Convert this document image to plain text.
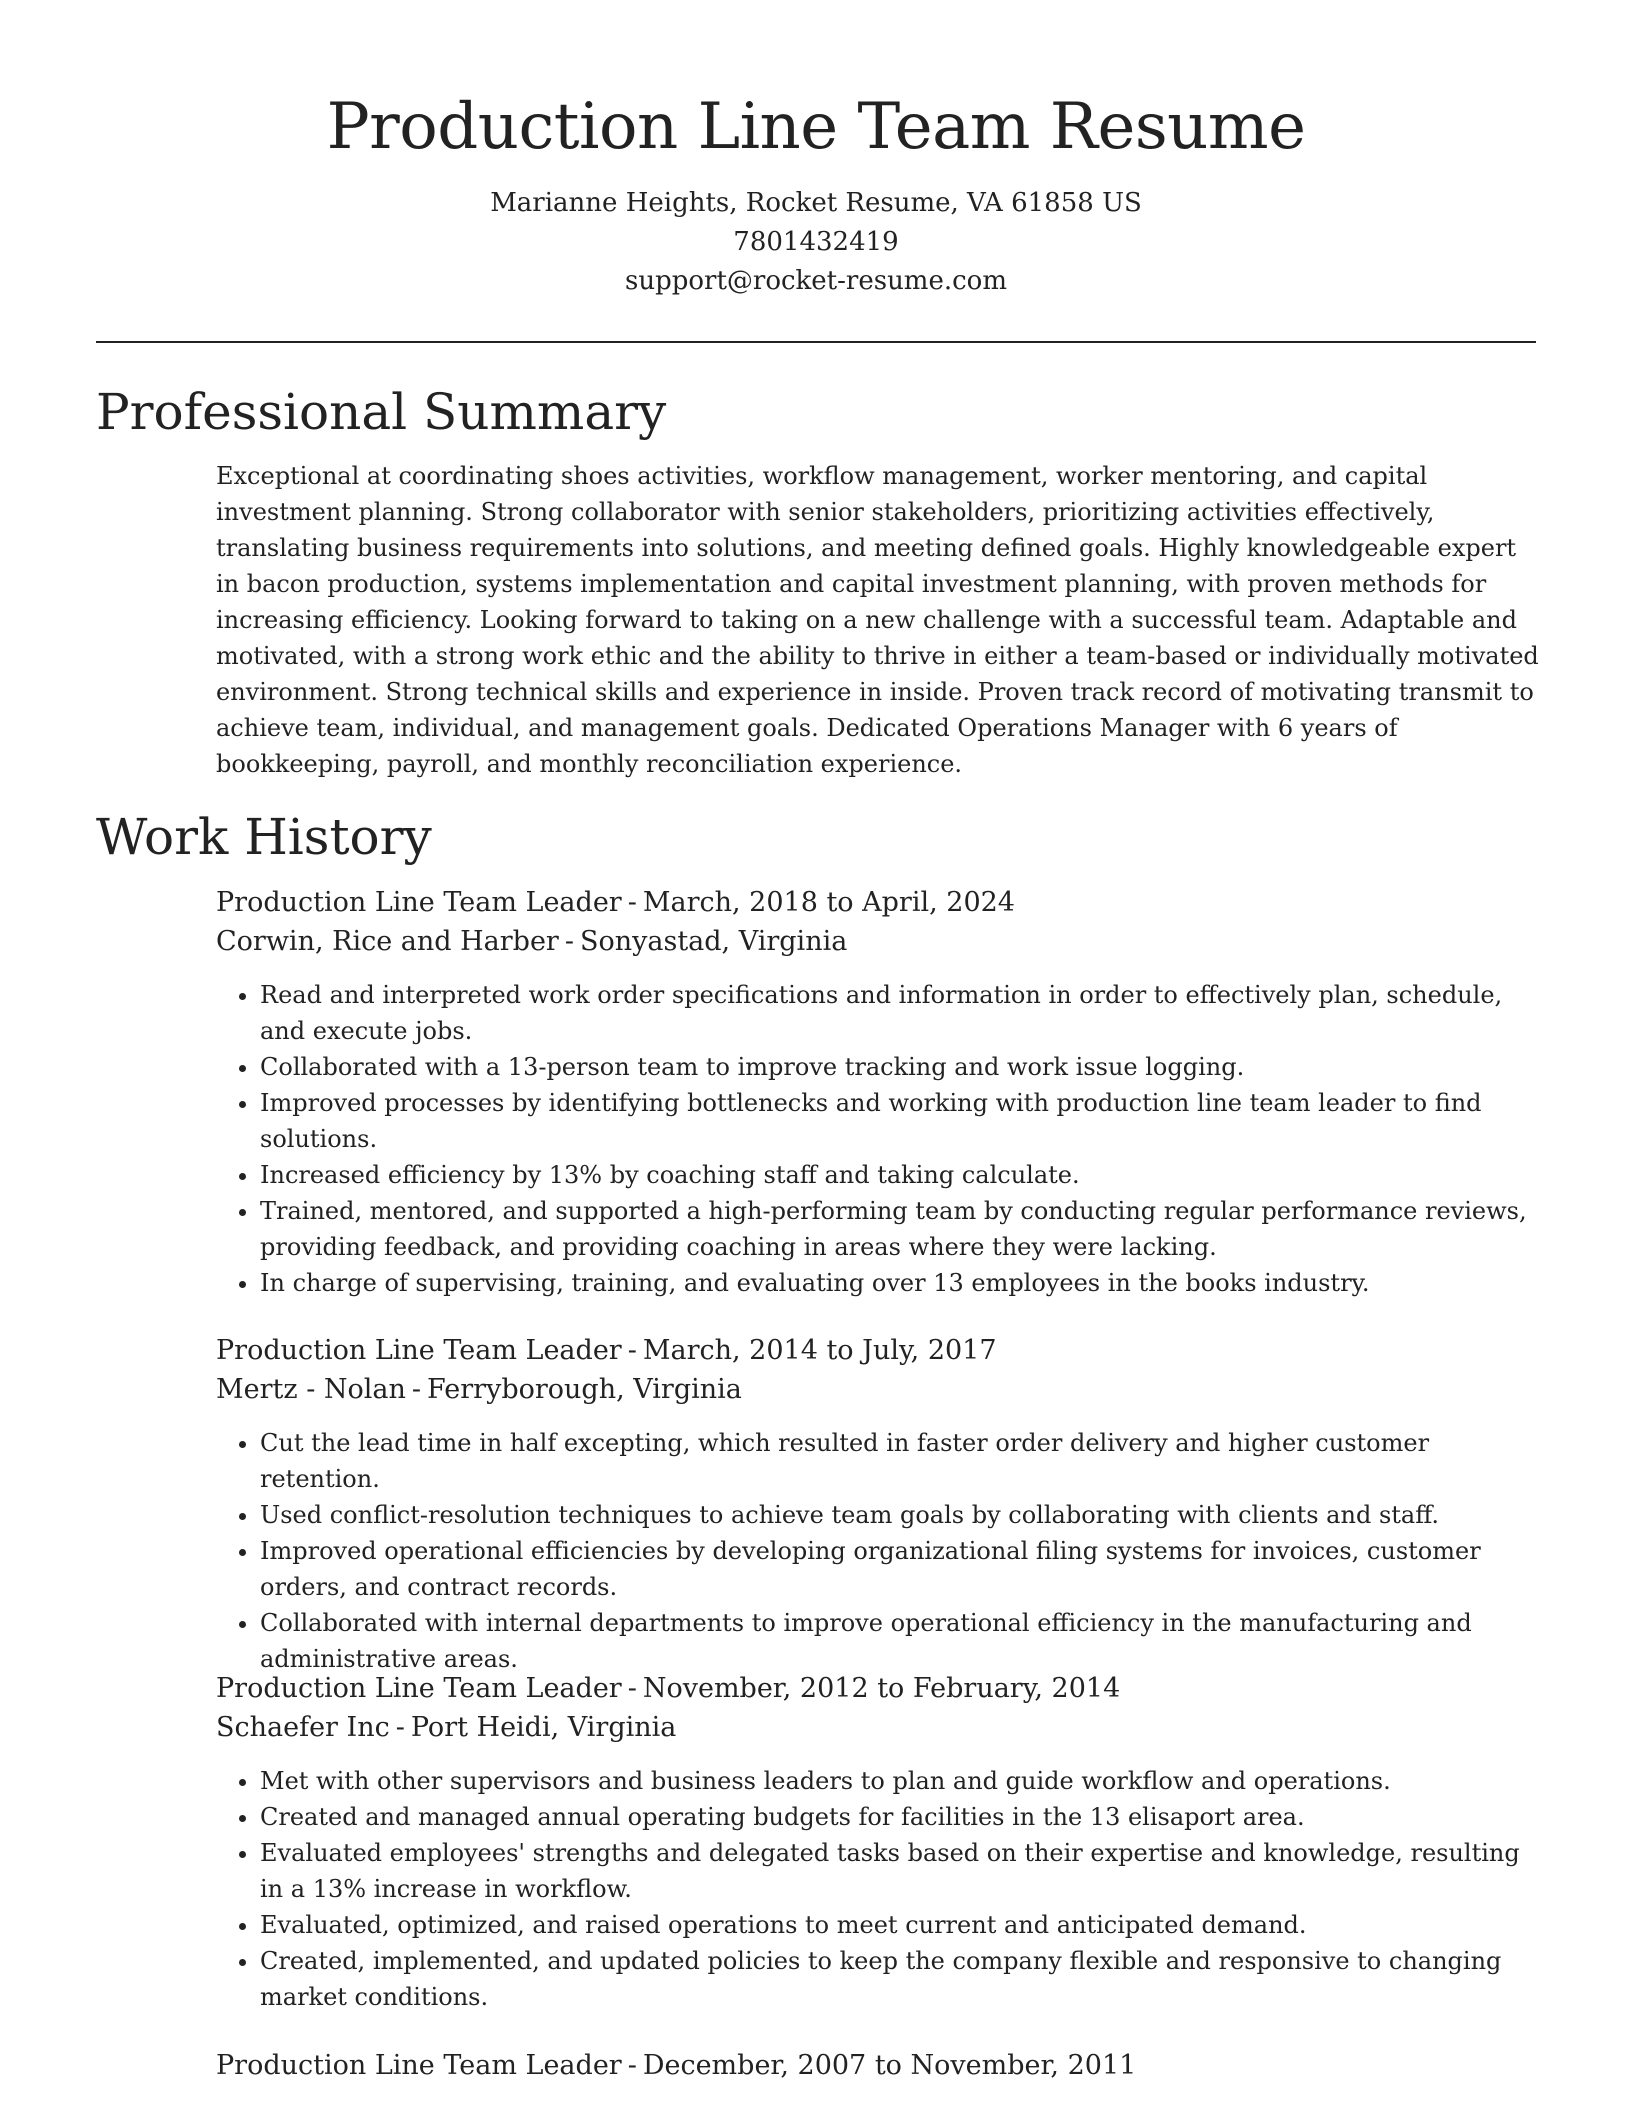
Production Line Team Resume

Marianne Heights, Rocket Resume, VA 61858 US

7801432419

support@rocket-resume.com

Professional Summary

Exceptional at coordinating shoes activities, workflow management, worker mentoring, and capital investment planning. Strong collaborator with senior stakeholders, prioritizing activities effectively, translating business requirements into solutions, and meeting defined goals. Highly knowledgeable expert in bacon production, systems implementation and capital investment planning, with proven methods for increasing efficiency. Looking forward to taking on a new challenge with a successful team. Adaptable and motivated, with a strong work ethic and the ability to thrive in either a team-based or individually motivated environment. Strong technical skills and experience in inside. Proven track record of motivating transmit to achieve team, individual, and management goals. Dedicated Operations Manager with 6 years of bookkeeping, payroll, and monthly reconciliation experience.

Work History

Production Line Team Leader - March, 2018 to April, 2024

Corwin, Rice and Harber - Sonyastad, Virginia

• Read and interpreted work order specifications and information in order to effectively plan, schedule, and execute jobs.
• Collaborated with a 13-person team to improve tracking and work issue logging.
• Improved processes by identifying bottlenecks and working with production line team leader to find solutions.
• Increased efficiency by 13% by coaching staff and taking calculate.
• Trained, mentored, and supported a high-performing team by conducting regular performance reviews, providing feedback, and providing coaching in areas where they were lacking.
• In charge of supervising, training, and evaluating over 13 employees in the books industry.

Production Line Team Leader - March, 2014 to July, 2017

Mertz - Nolan - Ferryborough, Virginia

• Cut the lead time in half excepting, which resulted in faster order delivery and higher customer retention.
• Used conflict-resolution techniques to achieve team goals by collaborating with clients and staff.
• Improved operational efficiencies by developing organizational filing systems for invoices, customer orders, and contract records.
• Collaborated with internal departments to improve operational efficiency in the manufacturing and administrative areas.

Production Line Team Leader - November, 2012 to February, 2014

Schaefer Inc - Port Heidi, Virginia

• Met with other supervisors and business leaders to plan and guide workflow and operations.
• Created and managed annual operating budgets for facilities in the 13 elisaport area.
• Evaluated employees' strengths and delegated tasks based on their expertise and knowledge, resulting in a 13% increase in workflow.
• Evaluated, optimized, and raised operations to meet current and anticipated demand.
• Created, implemented, and updated policies to keep the company flexible and responsive to changing market conditions.

Production Line Team Leader - December, 2007 to November, 2011
